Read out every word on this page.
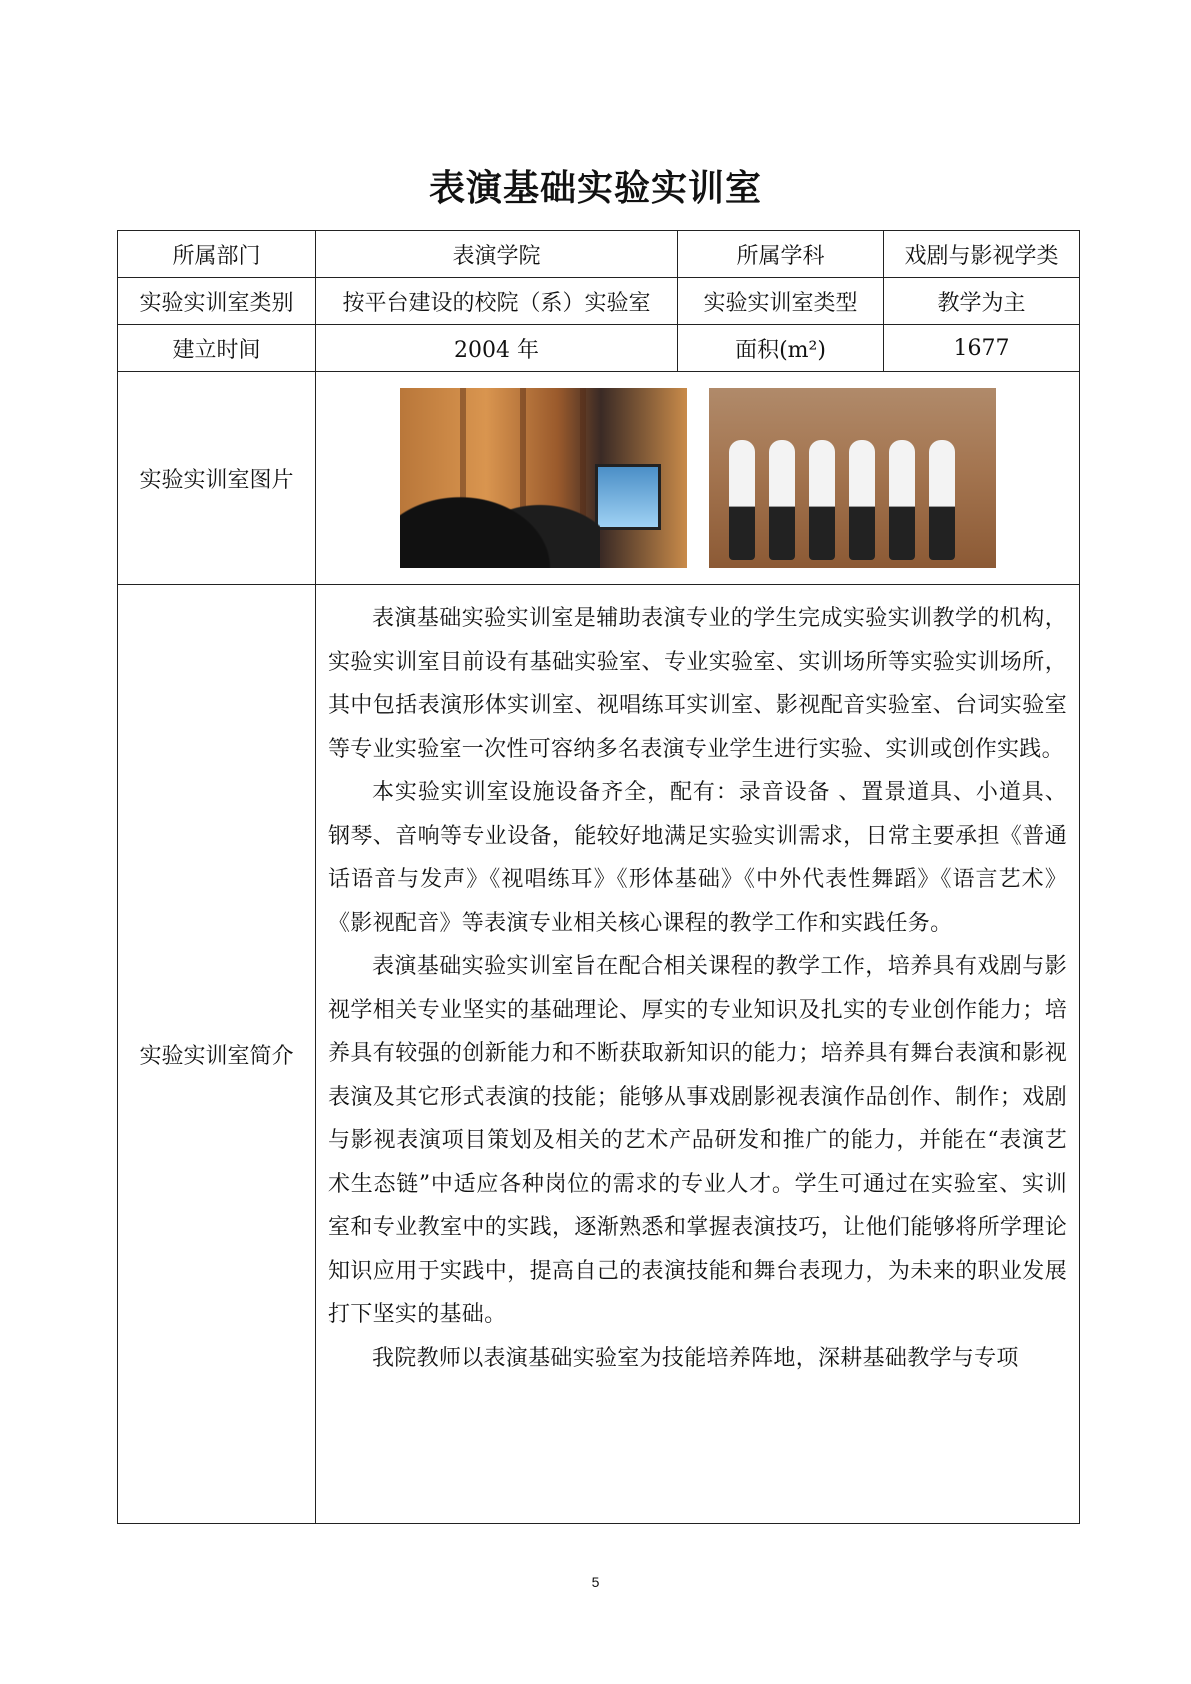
表演基础实验实训室
所属部门	表演学院	所属学科	戏剧与影视学类
实验实训室类别	按平台建设的校院（系）实验室	实验实训室类型	教学为主
建立时间	2004 年	面积(m²)	1677
实验实训室图片			

实验实训室简介	表演基础实验实训室是辅助表演专业的学生完成实验实训教学的机构，实验实训室目前设有基础实验室、专业实验室、实训场所等实验实训场所，其中包括表演形体实训室、视唱练耳实训室、影视配音实验室、台词实验室等专业实验室一次性可容纳多名表演专业学生进行实验、实训或创作实践。

本实验实训室设施设备齐全，配有：录音设备 、置景道具、小道具、钢琴、音响等专业设备，能较好地满足实验实训需求，日常主要承担《普通话语音与发声》《视唱练耳》《形体基础》《中外代表性舞蹈》《语言艺术》《影视配音》等表演专业相关核心课程的教学工作和实践任务。

表演基础实验实训室旨在配合相关课程的教学工作，培养具有戏剧与影视学相关专业坚实的基础理论、厚实的专业知识及扎实的专业创作能力；培养具有较强的创新能力和不断获取新知识的能力；培养具有舞台表演和影视表演及其它形式表演的技能；能够从事戏剧影视表演作品创作、制作；戏剧与影视表演项目策划及相关的艺术产品研发和推广的能力，并能在“表演艺术生态链”中适应各种岗位的需求的专业人才。学生可通过在实验室、实训室和专业教室中的实践，逐渐熟悉和掌握表演技巧，让他们能够将所学理论知识应用于实践中，提高自己的表演技能和舞台表现力，为未来的职业发展打下坚实的基础。

我院教师以表演基础实验室为技能培养阵地，深耕基础教学与专项		

5
